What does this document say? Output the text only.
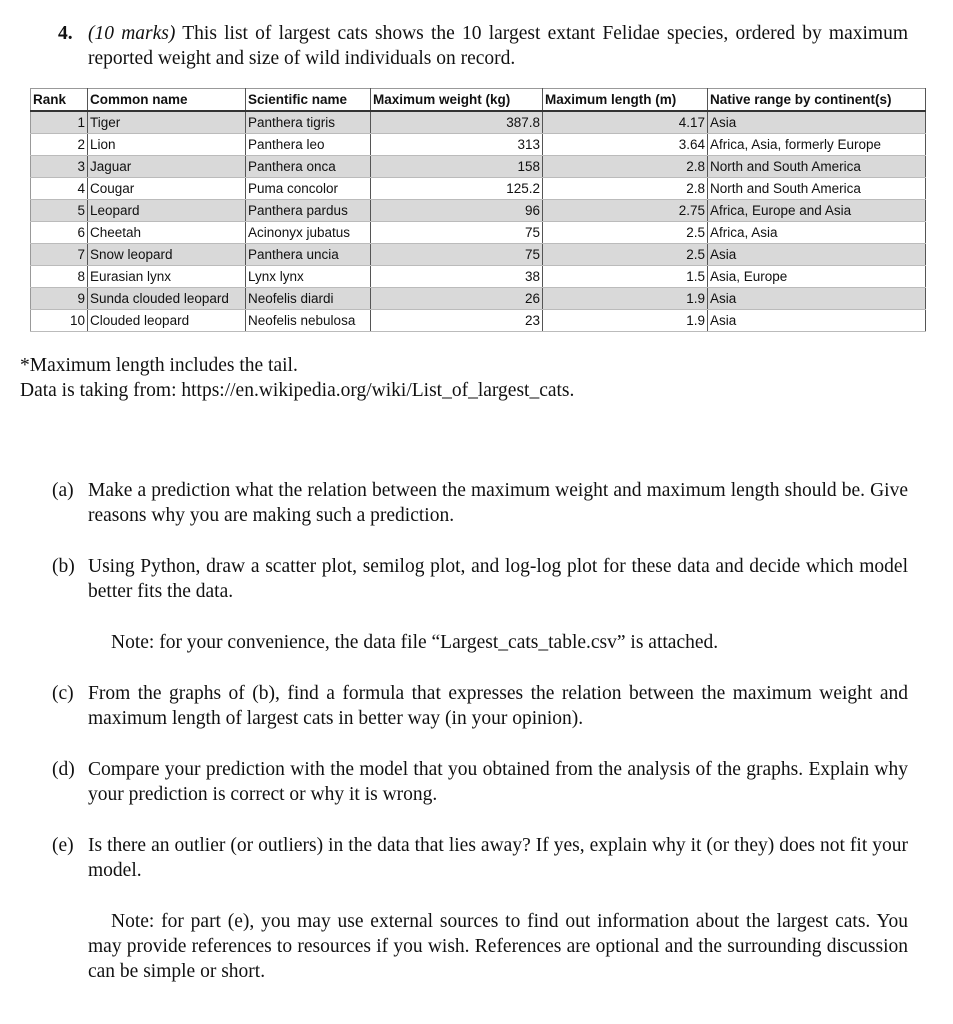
4. (10 marks) This list of largest cats shows the 10 largest extant Felidae species, ordered by maximum reported weight and size of wild individuals on record.
Rank	Common name	Scientific name	Maximum weight (kg)	Maximum length (m)	Native range by continent(s)
1	Tiger	Panthera tigris	387.8	4.17	Asia
2	Lion	Panthera leo	313	3.64	Africa, Asia, formerly Europe
3	Jaguar	Panthera onca	158	2.8	North and South America
4	Cougar	Puma concolor	125.2	2.8	North and South America
5	Leopard	Panthera pardus	96	2.75	Africa, Europe and Asia
6	Cheetah	Acinonyx jubatus	75	2.5	Africa, Asia
7	Snow leopard	Panthera uncia	75	2.5	Asia
8	Eurasian lynx	Lynx lynx	38	1.5	Asia, Europe
9	Sunda clouded leopard	Neofelis diardi	26	1.9	Asia
10	Clouded leopard	Neofelis nebulosa	23	1.9	Asia
*Maximum length includes the tail.
Data is taking from: https://en.wikipedia.org/wiki/List_of_largest_cats.
(a) Make a prediction what the relation between the maximum weight and maximum length should be. Give reasons why you are making such a prediction.
(b) Using Python, draw a scatter plot, semilog plot, and log-log plot for these data and decide which model better fits the data.
Note: for your convenience, the data file “Largest_cats_table.csv” is attached.
(c) From the graphs of (b), find a formula that expresses the relation between the maximum weight and maximum length of largest cats in better way (in your opinion).
(d) Compare your prediction with the model that you obtained from the analysis of the graphs. Explain why your prediction is correct or why it is wrong.
(e) Is there an outlier (or outliers) in the data that lies away? If yes, explain why it (or they) does not fit your model.
Note: for part (e), you may use external sources to find out information about the largest cats. You may provide references to resources if you wish. References are optional and the surrounding discussion can be simple or short.
